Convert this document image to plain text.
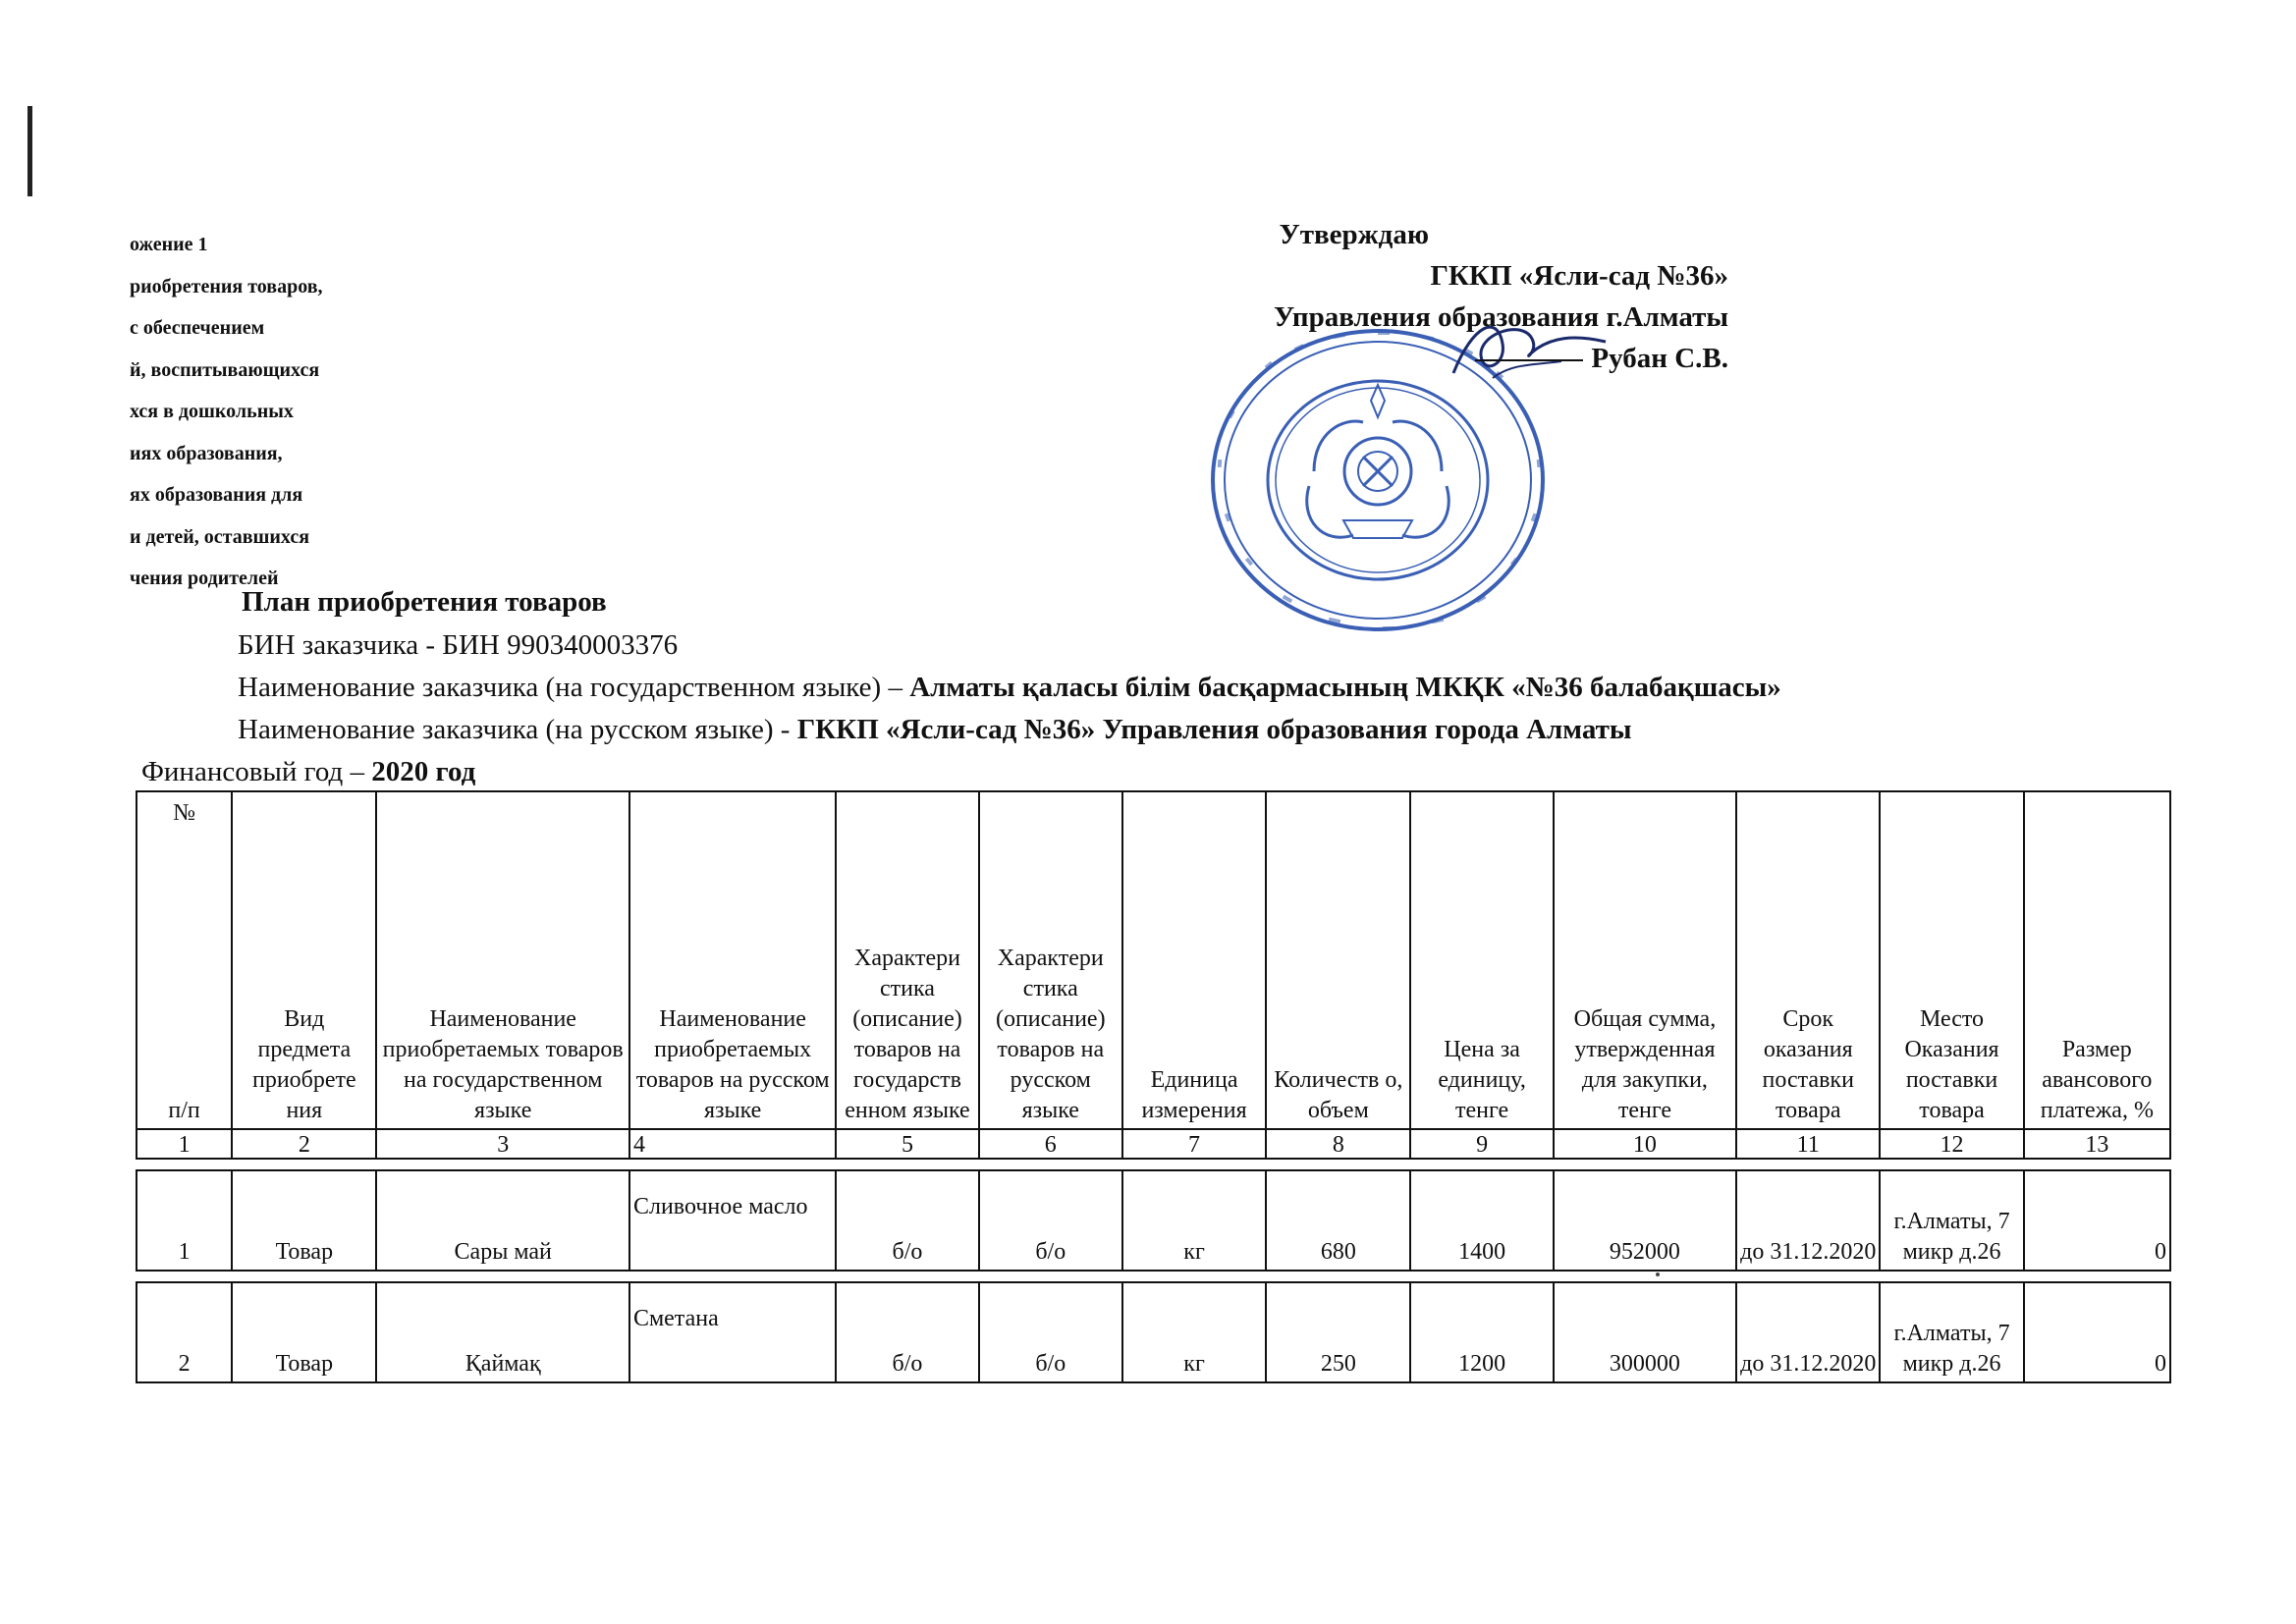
ожение 1
риобретения товаров,
с обеспечением
й, воспитывающихся
хся в дошкольных
иях образования,
ях образования для
и детей, оставшихся
чения родителей
Утверждаю
ГККП «Ясли-сад №36»
Управления образования г.Алматы
Рубан С.В.
План приобретения товаров
БИН заказчика - БИН 990340003376
Наименование заказчика (на государственном языке) – Алматы қаласы білім басқармасының МКҚК «№36 балабақшасы»
Наименование заказчика (на русском языке) - ГККП «Ясли-сад №36» Управления образования города Алматы
Финансовый год – 2020 год
№
п/п	Вид предмета приобрете ния	Наименование приобретаемых товаров на государственном языке	Наименование приобретаемых товаров на русском языке	Характери стика (описание) товаров на государств енном языке	Характери стика (описание) товаров на русском языке	Единица измерения	Количеств о, объем	Цена за единицу, тенге	Общая сумма, утвержденная для закупки, тенге	Срок оказания поставки товара	Место Оказания поставки товара	Размер авансового платежа, %
1	2	3	4	5	6	7	8	9	10	11	12	13

1	Товар	Сары май	Сливочное масло	б/о	б/о	кг	680	1400	952000	до 31.12.2020	г.Алматы, 7 микр д.26	0

2	Товар	Қаймақ	Сметана	б/о	б/о	кг	250	1200	300000	до 31.12.2020	г.Алматы, 7 микр д.26	0
